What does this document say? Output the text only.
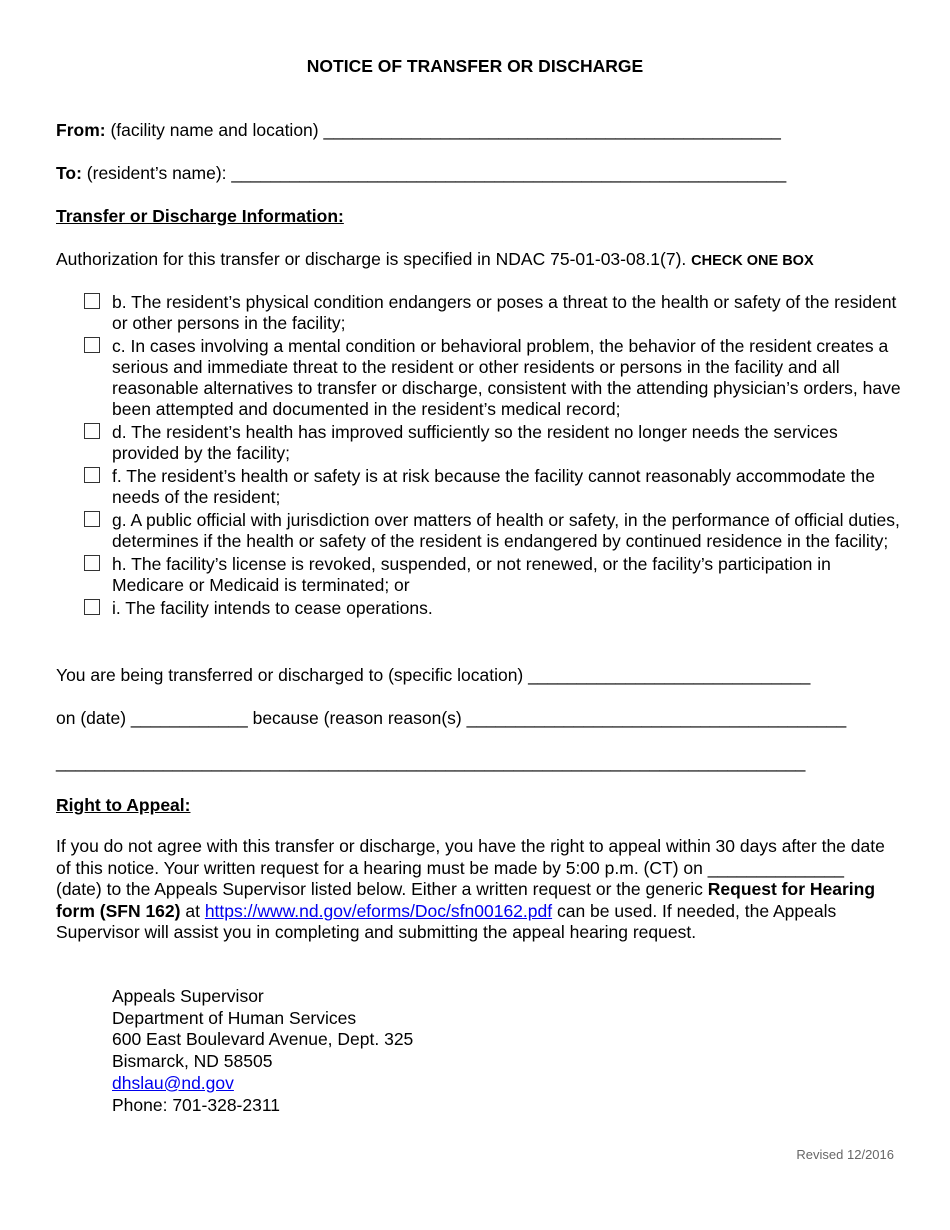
NOTICE OF TRANSFER OR DISCHARGE
From: (facility name and location) _______________________________________________
To: (resident’s name): _________________________________________________________
Transfer or Discharge Information:
Authorization for this transfer or discharge is specified in NDAC 75-01-03-08.1(7). CHECK ONE BOX
b. The resident’s physical condition endangers or poses a threat to the health or safety of the resident or other persons in the facility;
c. In cases involving a mental condition or behavioral problem, the behavior of the resident creates a serious and immediate threat to the resident or other residents or persons in the facility and all reasonable alternatives to transfer or discharge, consistent with the attending physician’s orders, have been attempted and documented in the resident’s medical record;
d. The resident’s health has improved sufficiently so the resident no longer needs the services provided by the facility;
f. The resident’s health or safety is at risk because the facility cannot reasonably accommodate the needs of the resident;
g. A public official with jurisdiction over matters of health or safety, in the performance of official duties, determines if the health or safety of the resident is endangered by continued residence in the facility;
h. The facility’s license is revoked, suspended, or not renewed, or the facility’s participation in Medicare or Medicaid is terminated; or
i. The facility intends to cease operations.
You are being transferred or discharged to (specific location) _____________________________
on (date) ____________ because (reason reason(s) _______________________________________
_____________________________________________________________________________
Right to Appeal:
If you do not agree with this transfer or discharge, you have the right to appeal within 30 days after the date of this notice. Your written request for a hearing must be made by 5:00 p.m. (CT) on ______________ (date) to the Appeals Supervisor listed below. Either a written request or the generic Request for Hearing form (SFN 162) at https://www.nd.gov/eforms/Doc/sfn00162.pdf can be used. If needed, the Appeals Supervisor will assist you in completing and submitting the appeal hearing request.
Appeals Supervisor
Department of Human Services
600 East Boulevard Avenue, Dept. 325
Bismarck, ND 58505
dhslau@nd.gov
Phone: 701-328-2311
Revised 12/2016
